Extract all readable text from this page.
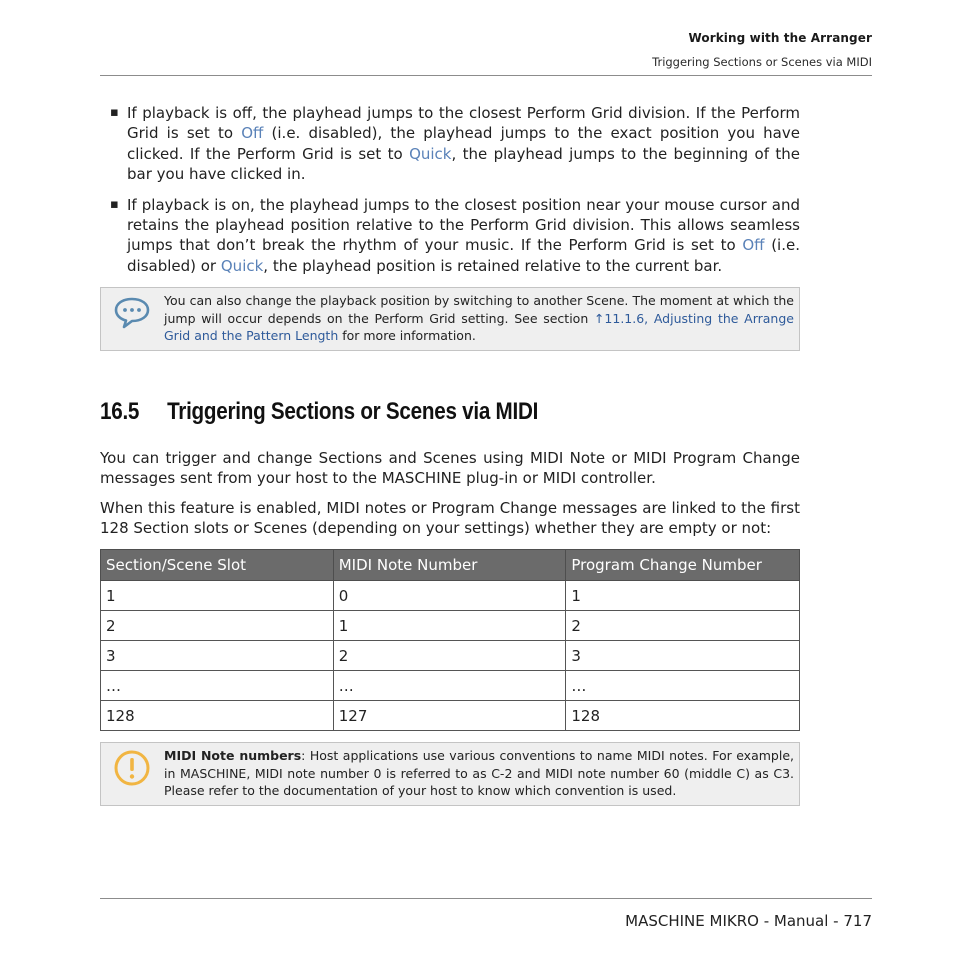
Working with the Arranger
Triggering Sections or Scenes via MIDI
▪ If playback is off, the playhead jumps to the closest Perform Grid division. If the Perform Grid is set to Off (i.e. disabled), the playhead jumps to the exact position you have clicked. If the Perform Grid is set to Quick, the playhead jumps to the beginning of the bar you have clicked in.
▪ If playback is on, the playhead jumps to the closest position near your mouse cursor and retains the playhead position relative to the Perform Grid division. This allows seamless jumps that don’t break the rhythm of your music. If the Perform Grid is set to Off (i.e. disabled) or Quick, the playhead position is retained relative to the current bar.
You can also change the playback position by switching to another Scene. The moment at which the jump will occur depends on the Perform Grid setting. See section ↑11.1.6, Adjusting the Arrange Grid and the Pattern Length for more information.
16.5 Triggering Sections or Scenes via MIDI

You can trigger and change Sections and Scenes using MIDI Note or MIDI Program Change messages sent from your host to the MASCHINE plug-in or MIDI controller.

When this feature is enabled, MIDI notes or Program Change messages are linked to the first 128 Section slots or Scenes (depending on your settings) whether they are empty or not:

Section/Scene Slot	MIDI Note Number	Program Change Number
1	0	1
2	1	2
3	2	3
…	…	…
128	127	128
MIDI Note numbers: Host applications use various conventions to name MIDI notes. For example, in MASCHINE, MIDI note number 0 is referred to as C-2 and MIDI note number 60 (middle C) as C3. Please refer to the documentation of your host to know which convention is used.
MASCHINE MIKRO - Manual - 717
